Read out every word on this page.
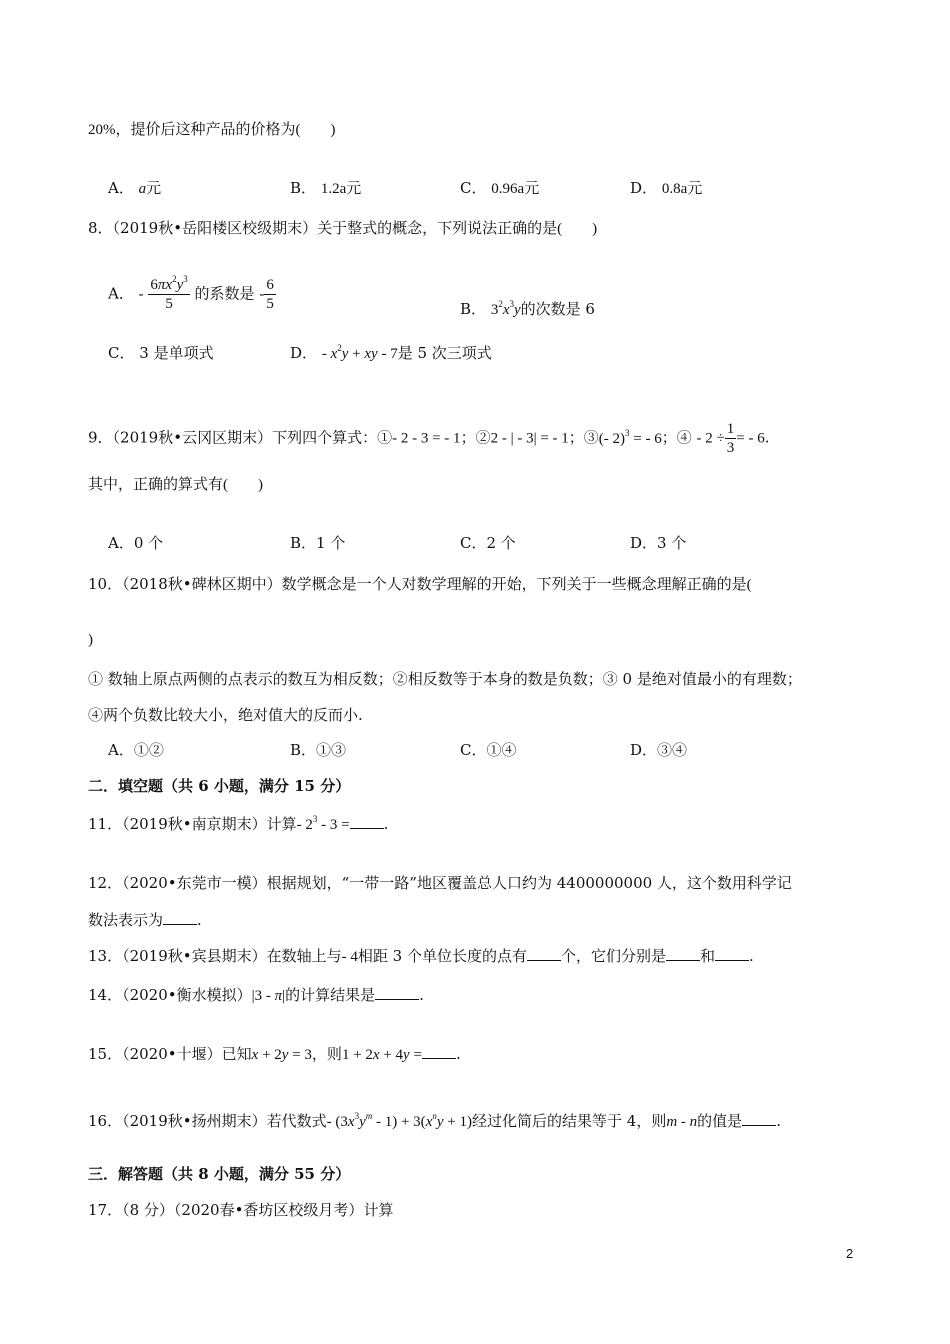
20%，提价后这种产品的价格为(　　)
A． a元	B． 1.2a元	C． 0.96a元	D． 0.8a元
8．（2019秋•岳阳楼区校级期末）关于整式的概念，下列说法正确的是(　　)
A． - $\frac{6\pi x^2y^3}{5}$ 的系数是 - $\frac{6}{5}$	B． $3^2x^3y$的次数是 6
C． 3 是单项式	D． - $x^2y$ + xy - 7是 5 次三项式
9．（2019秋•云冈区期末）下列四个算式：①- 2 - 3 = - 1；②2 - | - 3| = - 1；③(- 2)$^3$ = - 6；④ - $2 \div \frac{1}{3}$ = - 6.
其中，正确的算式有(　　)
A．0 个	B．1 个	C．2 个	D．3 个
10．（2018秋•碑林区期中）数学概念是一个人对数学理解的开始，下列关于一些概念理解正确的是(
)
① 数轴上原点两侧的点表示的数互为相反数；②相反数等于本身的数是负数；③ 0 是绝对值最小的有理数；
④两个负数比较大小，绝对值大的反而小.
A．①②	B．①③	C．①④	D．③④
二．填空题（共 6 小题，满分 15 分）
11．（2019秋•南京期末）计算- $2^3 - 3$ = .
12．（2020•东莞市一模）根据规划，“一带一路”地区覆盖总人口约为 4400000000 人，这个数用科学记
数法表示为 .
13．（2019秋•宾县期末）在数轴上与- 4相距 3 个单位长度的点有 个，它们分别是 和 .
14．（2020•衡水模拟）|3 - π|的计算结果是	.
15．（2020•十堰）已知x + 2y = 3，则1 + 2x + 4y = .
16．（2019秋•扬州期末）若代数式- $(3x^3y^m - 1) + 3(x^ny + 1)$经过化简后的结果等于 4，则m - n的值是 .
三．解答题（共 8 小题，满分 55 分）
17．（8 分）（2020春•香坊区校级月考）计算
2
